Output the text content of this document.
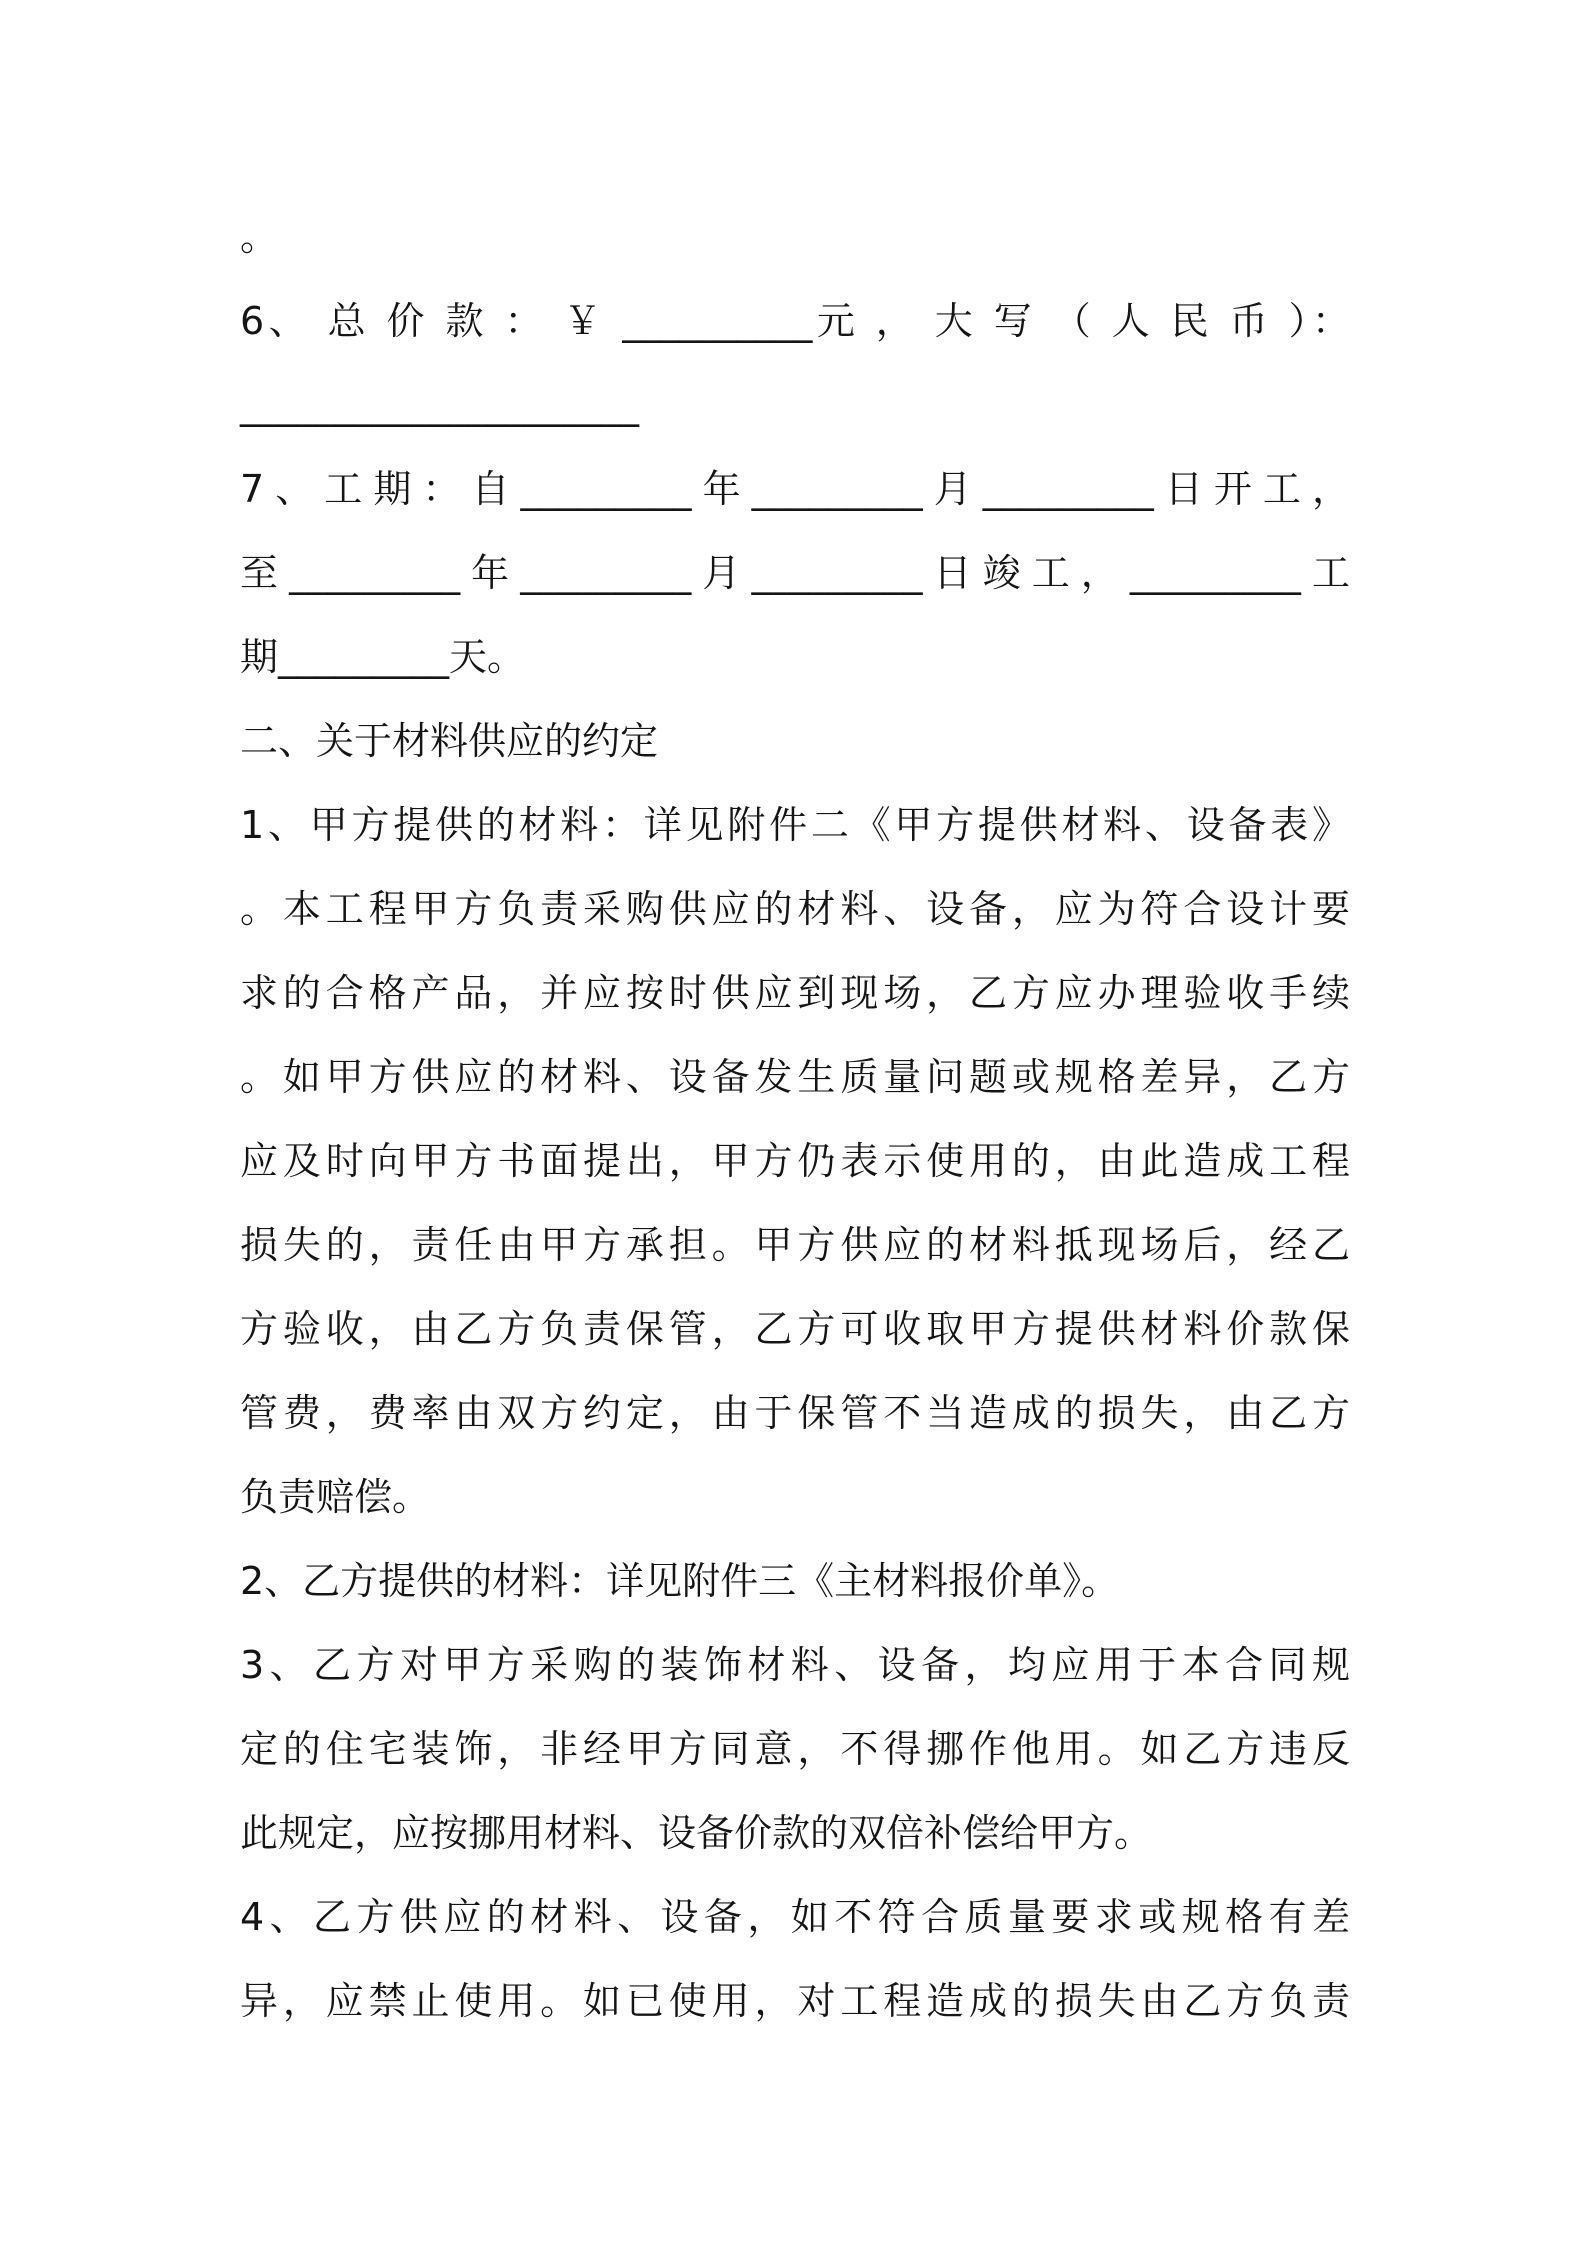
。
6、 总 价 款 ： ￥ __________元 ， 大 写 （ 人 民 币 ）：
_____________________
7、工期：自_________年_________月_________日开工，
至_________年_________月_________日竣工，_________工
期_________天。
二、关于材料供应的约定
1、甲方提供的材料：详见附件二《甲方提供材料、设备表》
。本工程甲方负责采购供应的材料、设备，应为符合设计要
求的合格产品，并应按时供应到现场，乙方应办理验收手续
。如甲方供应的材料、设备发生质量问题或规格差异，乙方
应及时向甲方书面提出，甲方仍表示使用的，由此造成工程
损失的，责任由甲方承担。甲方供应的材料抵现场后，经乙
方验收，由乙方负责保管，乙方可收取甲方提供材料价款保
管费，费率由双方约定，由于保管不当造成的损失，由乙方
负责赔偿。
2、乙方提供的材料：详见附件三《主材料报价单》。
3、乙方对甲方采购的装饰材料、设备，均应用于本合同规
定的住宅装饰，非经甲方同意，不得挪作他用。如乙方违反
此规定，应按挪用材料、设备价款的双倍补偿给甲方。
4、乙方供应的材料、设备，如不符合质量要求或规格有差
异，应禁止使用。如已使用，对工程造成的损失由乙方负责
